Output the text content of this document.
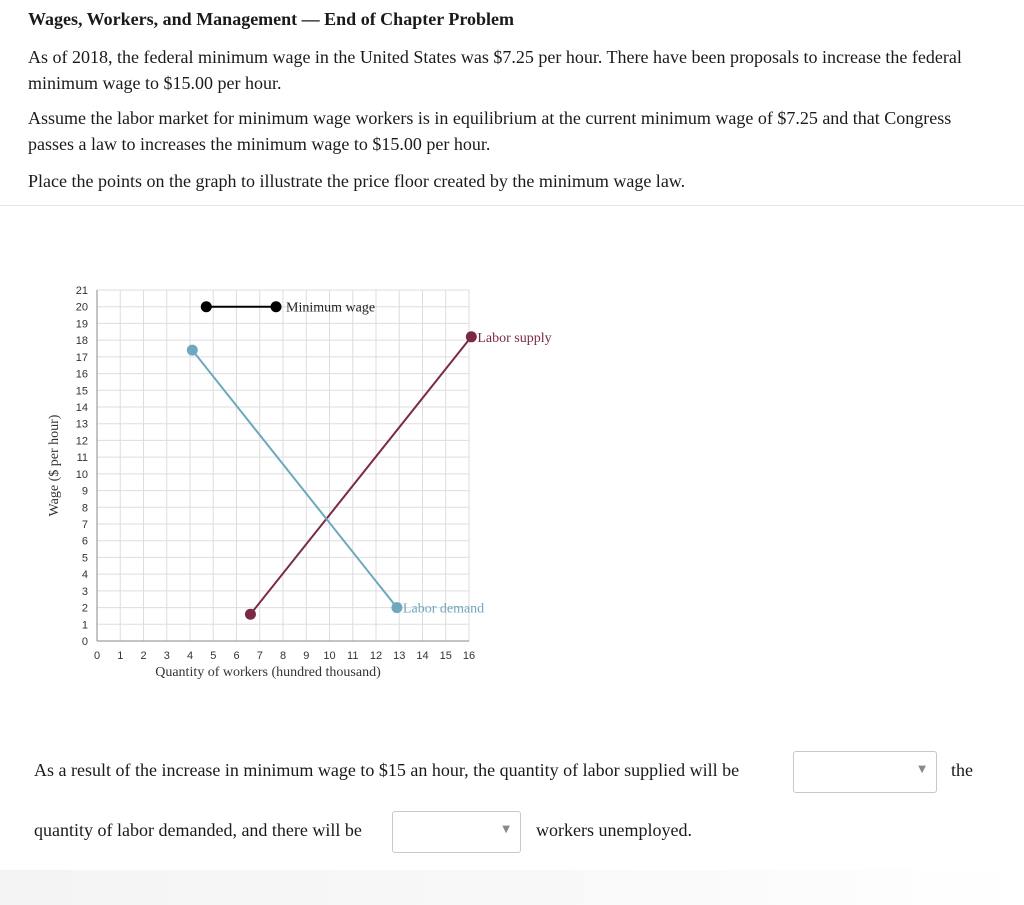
Wages, Workers, and Management — End of Chapter Problem

As of 2018, the federal minimum wage in the United States was $7.25 per hour. There have been proposals to increase the federal minimum wage to $15.00 per hour.

Assume the labor market for minimum wage workers is in equilibrium at the current minimum wage of $7.25 and that Congress passes a law to increases the minimum wage to $15.00 per hour.

Place the points on the graph to illustrate the price floor created by the minimum wage law.

0 1 2 3 4 5 6 7 8 9 10 11 12 13 14 15 16
0
1
2
3
4
5
6
7
8
9
10
11
12
13
14
15
16
17
18
19
20
21
Wage ($ per hour)
Quantity of workers (hundred thousand)
Minimum wage
Labor supply
Labor demand
As a result of the increase in minimum wage to $15 an hour, the quantity of labor supplied will be	▼ the
quantity of labor demanded, and there will be	▼ workers unemployed.
